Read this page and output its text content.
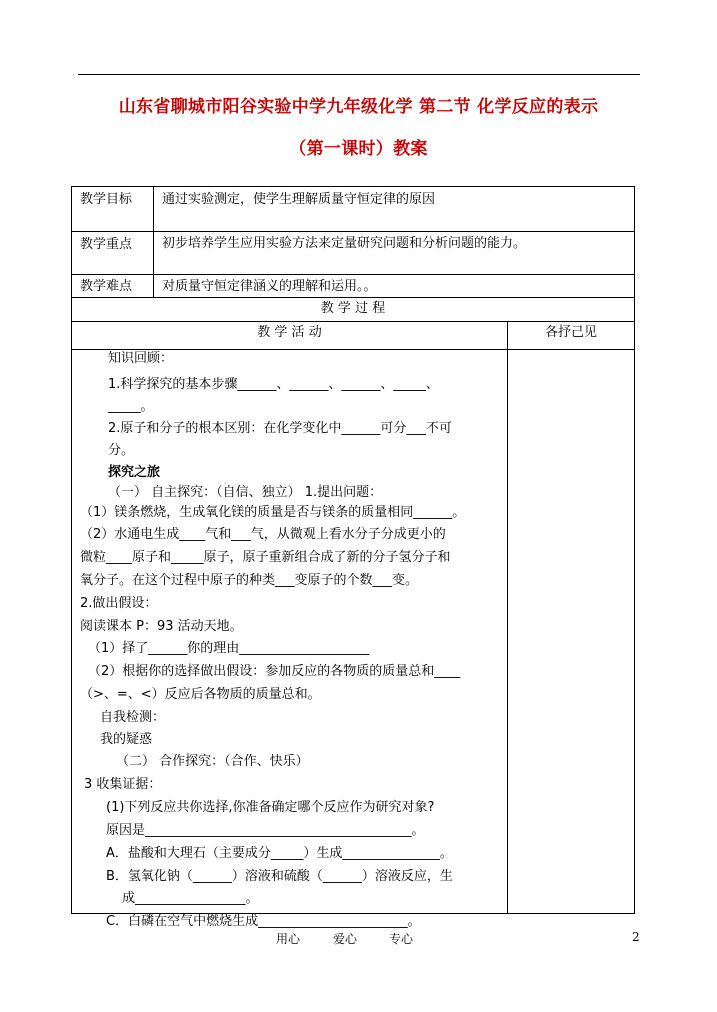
山东省聊城市阳谷实验中学九年级化学 第二节 化学反应的表示
（第一课时）教案
教学目标 通过实验测定，使学生理解质量守恒定律的原因
教学重点 初步培养学生应用实验方法来定量研究问题和分析问题的能力。
教学难点 对质量守恒定律涵义的理解和运用。。
教 学 过 程
教 学 活 动	各抒己见
知识回顾：
1.科学探究的基本步骤______、______、______、_____、
_____。
2.原子和分子的根本区别：在化学变化中______可分___不可
分。
探究之旅
（一） 自主探究：（自信、独立） 1.提出问题：
（1）镁条燃烧，生成氧化镁的质量是否与镁条的质量相同______。
（2）水通电生成____气和___气，从微观上看水分子分成更小的
微粒____原子和_____原子，原子重新组合成了新的分子氢分子和
氧分子。在这个过程中原子的种类___变原子的个数___变。
2.做出假设：
阅读课本 P：93 活动天地。
（1）择了______你的理由____________________
（2）根据你的选择做出假设：参加反应的各物质的质量总和____
（>、=、<）反应后各物质的质量总和。
自我检测：
我的疑惑
（二） 合作探究：（合作、快乐）
3 收集证据：
(1)下列反应共你选择,你准备确定哪个反应作为研究对象?
原因是_________________________________________。
A．盐酸和大理石（主要成分_____）生成_______________。
B．氢氧化钠（______）溶液和硫酸（______）溶液反应，生
成_________________。
C．白磷在空气中燃烧生成_______________________。
用心	爱心	专心	2
